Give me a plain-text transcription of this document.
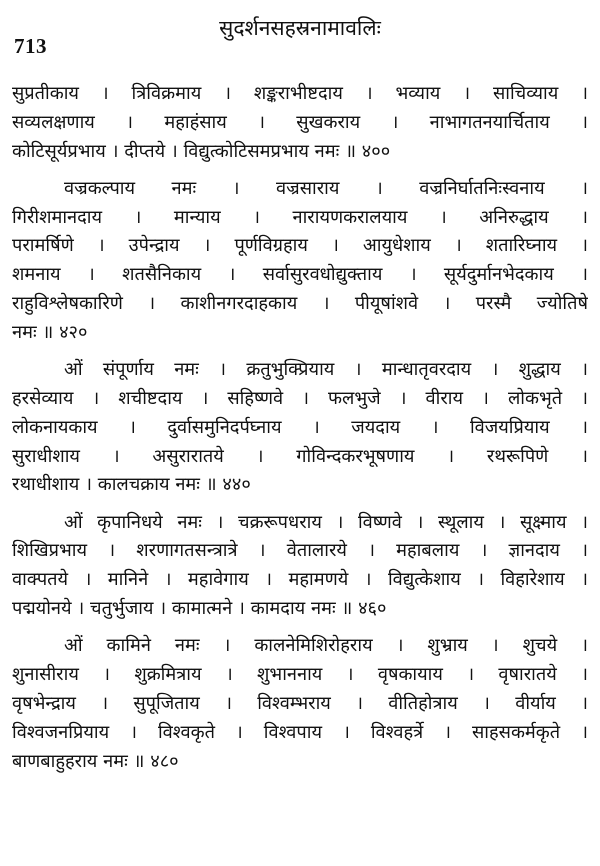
713
सुदर्शनसहस्रनामावलिः

सुप्रतीकाय । त्रिविक्रमाय । शङ्कराभीष्टदाय । भव्याय । साचिव्याय ।
सव्यलक्षणाय । महाहंसाय । सुखकराय । नाभागतनयार्चिताय ।
कोटिसूर्यप्रभाय । दीप्तये । विद्युत्कोटिसमप्रभाय नमः ॥ ४००

वज्रकल्पाय नमः । वज्रसाराय । वज्रनिर्घातनिःस्वनाय ।
गिरीशमानदाय । मान्याय । नारायणकरालयाय । अनिरुद्धाय ।
परामर्षिणे । उपेन्द्राय । पूर्णविग्रहाय । आयुधेशाय । शतारिघ्नाय ।
शमनाय । शतसैनिकाय । सर्वासुरवधोद्युक्ताय । सूर्यदुर्मानभेदकाय ।
राहुविश्लेषकारिणे । काशीनगरदाहकाय । पीयूषांशवे । परस्मै ज्योतिषे
नमः ॥ ४२०

ओं संपूर्णाय नमः । क्रतुभुक्प्रियाय । मान्धातृवरदाय । शुद्धाय ।
हरसेव्याय । शचीष्टदाय । सहिष्णवे । फलभुजे । वीराय । लोकभृते ।
लोकनायकाय । दुर्वासमुनिदर्पघ्नाय । जयदाय । विजयप्रियाय ।
सुराधीशाय । असुरारातये । गोविन्दकरभूषणाय । रथरूपिणे ।
रथाधीशाय । कालचक्राय नमः ॥ ४४०

ओं कृपानिधये नमः । चक्ररूपधराय । विष्णवे । स्थूलाय । सूक्ष्माय ।
शिखिप्रभाय । शरणागतसन्त्रात्रे । वेतालारये । महाबलाय । ज्ञानदाय ।
वाक्पतये । मानिने । महावेगाय । महामणये । विद्युत्केशाय । विहारेशाय ।
पद्मयोनये । चतुर्भुजाय । कामात्मने । कामदाय नमः ॥ ४६०

ओं कामिने नमः । कालनेमिशिरोहराय । शुभ्राय । शुचये ।
शुनासीराय । शुक्रमित्राय । शुभाननाय । वृषकायाय । वृषारातये ।
वृषभेन्द्राय । सुपूजिताय । विश्वम्भराय । वीतिहोत्राय । वीर्याय ।
विश्वजनप्रियाय । विश्वकृते । विश्वपाय । विश्वहर्त्रे । साहसकर्मकृते ।
बाणबाहुहराय नमः ॥ ४८०
